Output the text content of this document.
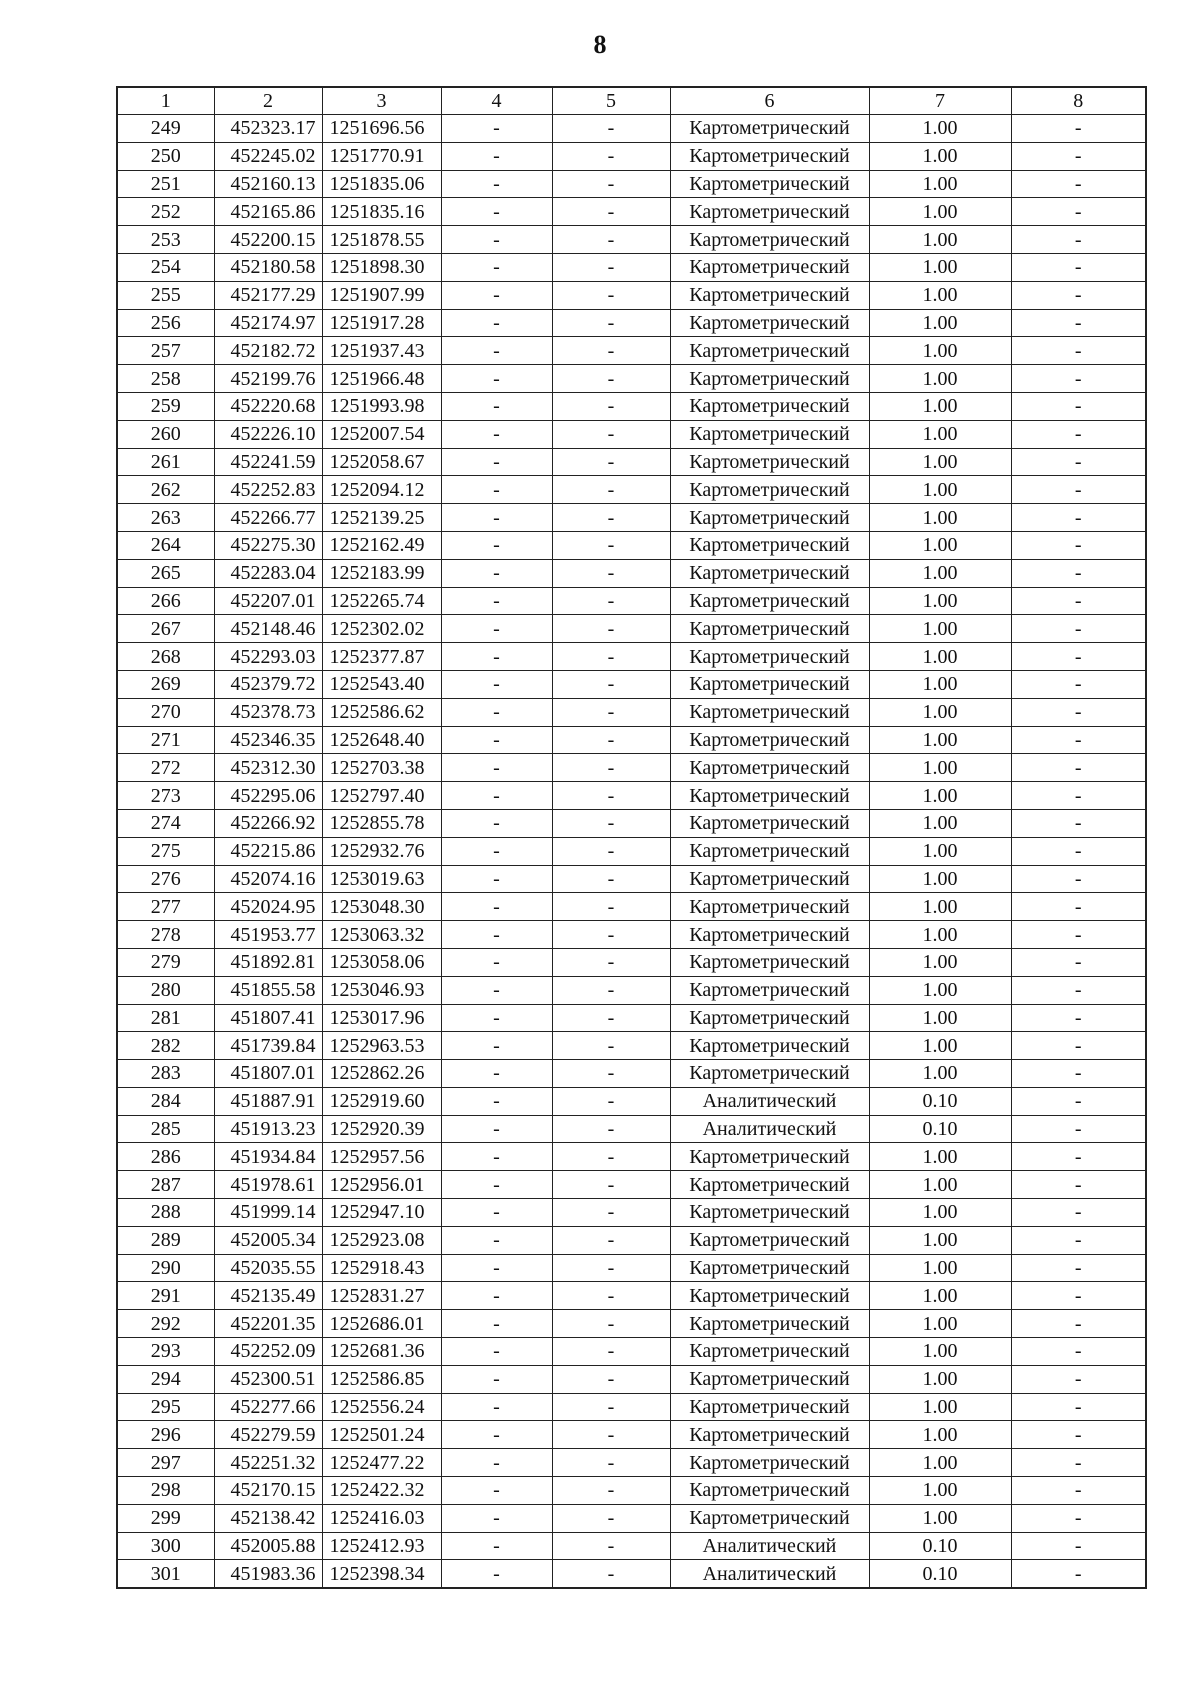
8
1	2	3	4	5	6	7	8
249	452323.17	1251696.56	-	-	Картометрический	1.00	-
250	452245.02	1251770.91	-	-	Картометрический	1.00	-
251	452160.13	1251835.06	-	-	Картометрический	1.00	-
252	452165.86	1251835.16	-	-	Картометрический	1.00	-
253	452200.15	1251878.55	-	-	Картометрический	1.00	-
254	452180.58	1251898.30	-	-	Картометрический	1.00	-
255	452177.29	1251907.99	-	-	Картометрический	1.00	-
256	452174.97	1251917.28	-	-	Картометрический	1.00	-
257	452182.72	1251937.43	-	-	Картометрический	1.00	-
258	452199.76	1251966.48	-	-	Картометрический	1.00	-
259	452220.68	1251993.98	-	-	Картометрический	1.00	-
260	452226.10	1252007.54	-	-	Картометрический	1.00	-
261	452241.59	1252058.67	-	-	Картометрический	1.00	-
262	452252.83	1252094.12	-	-	Картометрический	1.00	-
263	452266.77	1252139.25	-	-	Картометрический	1.00	-
264	452275.30	1252162.49	-	-	Картометрический	1.00	-
265	452283.04	1252183.99	-	-	Картометрический	1.00	-
266	452207.01	1252265.74	-	-	Картометрический	1.00	-
267	452148.46	1252302.02	-	-	Картометрический	1.00	-
268	452293.03	1252377.87	-	-	Картометрический	1.00	-
269	452379.72	1252543.40	-	-	Картометрический	1.00	-
270	452378.73	1252586.62	-	-	Картометрический	1.00	-
271	452346.35	1252648.40	-	-	Картометрический	1.00	-
272	452312.30	1252703.38	-	-	Картометрический	1.00	-
273	452295.06	1252797.40	-	-	Картометрический	1.00	-
274	452266.92	1252855.78	-	-	Картометрический	1.00	-
275	452215.86	1252932.76	-	-	Картометрический	1.00	-
276	452074.16	1253019.63	-	-	Картометрический	1.00	-
277	452024.95	1253048.30	-	-	Картометрический	1.00	-
278	451953.77	1253063.32	-	-	Картометрический	1.00	-
279	451892.81	1253058.06	-	-	Картометрический	1.00	-
280	451855.58	1253046.93	-	-	Картометрический	1.00	-
281	451807.41	1253017.96	-	-	Картометрический	1.00	-
282	451739.84	1252963.53	-	-	Картометрический	1.00	-
283	451807.01	1252862.26	-	-	Картометрический	1.00	-
284	451887.91	1252919.60	-	-	Аналитический	0.10	-
285	451913.23	1252920.39	-	-	Аналитический	0.10	-
286	451934.84	1252957.56	-	-	Картометрический	1.00	-
287	451978.61	1252956.01	-	-	Картометрический	1.00	-
288	451999.14	1252947.10	-	-	Картометрический	1.00	-
289	452005.34	1252923.08	-	-	Картометрический	1.00	-
290	452035.55	1252918.43	-	-	Картометрический	1.00	-
291	452135.49	1252831.27	-	-	Картометрический	1.00	-
292	452201.35	1252686.01	-	-	Картометрический	1.00	-
293	452252.09	1252681.36	-	-	Картометрический	1.00	-
294	452300.51	1252586.85	-	-	Картометрический	1.00	-
295	452277.66	1252556.24	-	-	Картометрический	1.00	-
296	452279.59	1252501.24	-	-	Картометрический	1.00	-
297	452251.32	1252477.22	-	-	Картометрический	1.00	-
298	452170.15	1252422.32	-	-	Картометрический	1.00	-
299	452138.42	1252416.03	-	-	Картометрический	1.00	-
300	452005.88	1252412.93	-	-	Аналитический	0.10	-
301	451983.36	1252398.34	-	-	Аналитический	0.10	-
